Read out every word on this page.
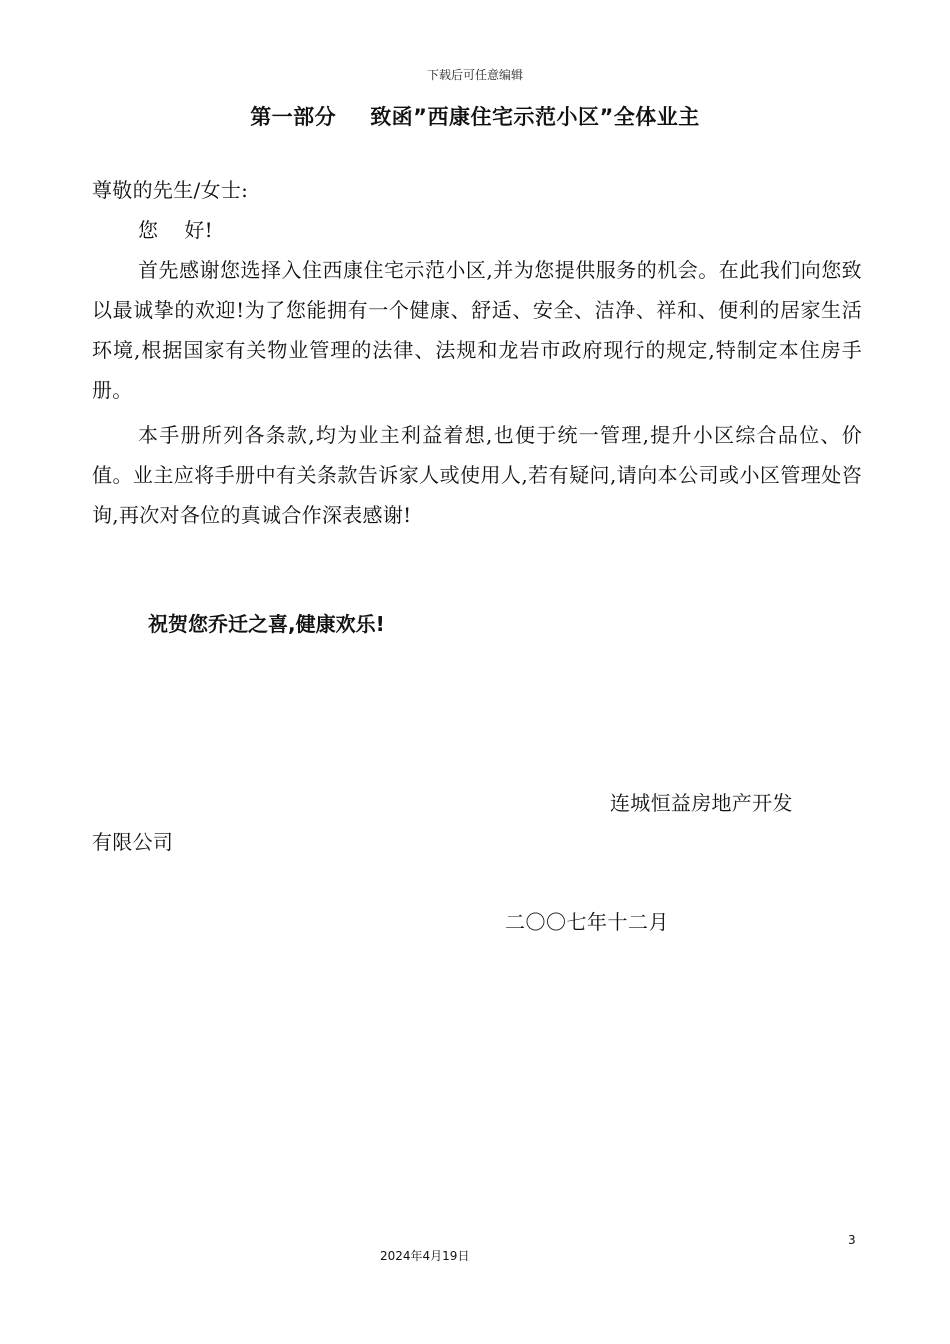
下载后可任意编辑
第一部分 致函”西康住宅示范小区”全体业主
尊敬的先生/女士:
您 好!
首先感谢您选择入住西康住宅示范小区,并为您提供服务的机会。在此我们向您致以最诚挚的欢迎!为了您能拥有一个健康、舒适、安全、洁净、祥和、便利的居家生活环境,根据国家有关物业管理的法律、法规和龙岩市政府现行的规定,特制定本住房手册。
本手册所列各条款,均为业主利益着想,也便于统一管理,提升小区综合品位、价值。业主应将手册中有关条款告诉家人或使用人,若有疑问,请向本公司或小区管理处咨询,再次对各位的真诚合作深表感谢!
祝贺您乔迁之喜,健康欢乐!
连城恒益房地产开发
有限公司
二〇〇七年十二月
3
2024年4月19日
